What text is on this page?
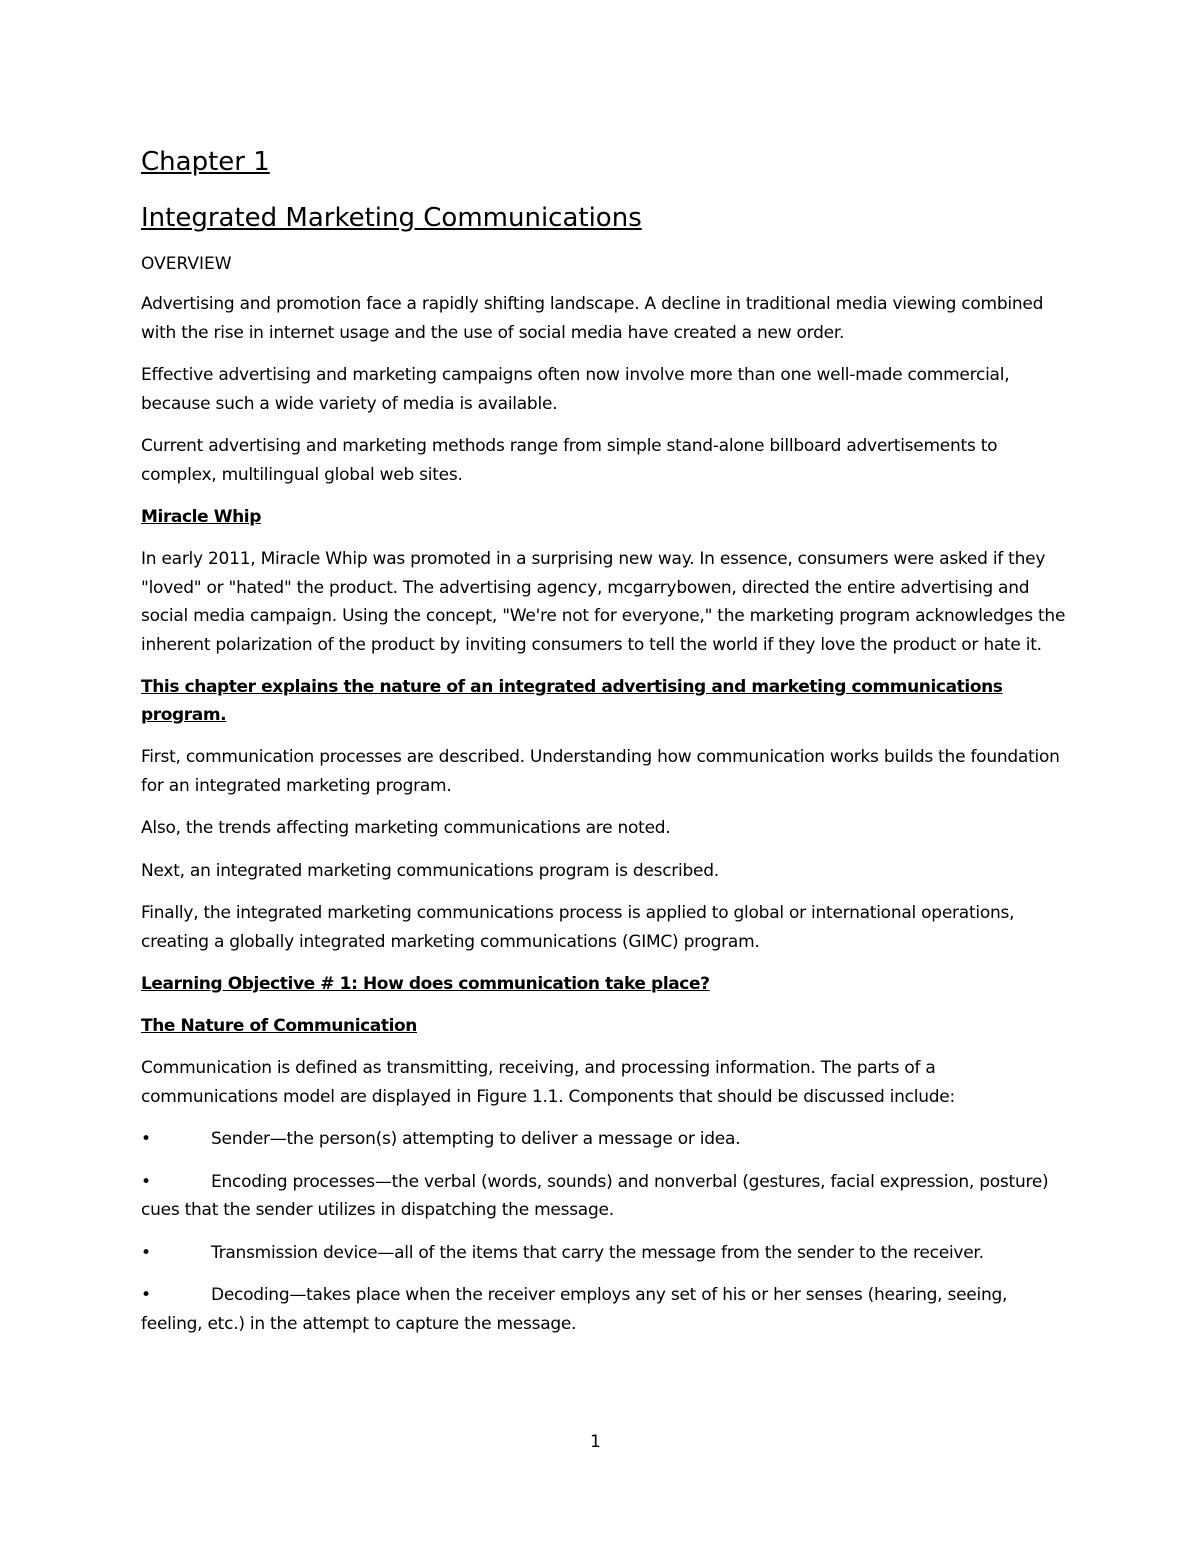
Chapter 1
Integrated Marketing Communications
OVERVIEW

Advertising and promotion face a rapidly shifting landscape. A decline in traditional media viewing combined with the rise in internet usage and the use of social media have created a new order.

Effective advertising and marketing campaigns often now involve more than one well-made commercial, because such a wide variety of media is available.

Current advertising and marketing methods range from simple stand-alone billboard advertisements to complex, multilingual global web sites.

Miracle Whip

In early 2011, Miracle Whip was promoted in a surprising new way. In essence, consumers were asked if they "loved" or "hated" the product. The advertising agency, mcgarrybowen, directed the entire advertising and social media campaign. Using the concept, "We're not for everyone," the marketing program acknowledges the inherent polarization of the product by inviting consumers to tell the world if they love the product or hate it.

This chapter explains the nature of an integrated advertising and marketing communications program.

First, communication processes are described. Understanding how communication works builds the foundation for an integrated marketing program.

Also, the trends affecting marketing communications are noted.

Next, an integrated marketing communications program is described.

Finally, the integrated marketing communications process is applied to global or international operations, creating a globally integrated marketing communications (GIMC) program.

Learning Objective # 1: How does communication take place?
The Nature of Communication

Communication is defined as transmitting, receiving, and processing information. The parts of a communications model are displayed in Figure 1.1. Components that should be discussed include:

•	Sender—the person(s) attempting to deliver a message or idea.
•	Encoding processes—the verbal (words, sounds) and nonverbal (gestures, facial expression, posture) cues that the sender utilizes in dispatching the message.
•	Transmission device—all of the items that carry the message from the sender to the receiver.
•	Decoding—takes place when the receiver employs any set of his or her senses (hearing, seeing, feeling, etc.) in the attempt to capture the message.
1
